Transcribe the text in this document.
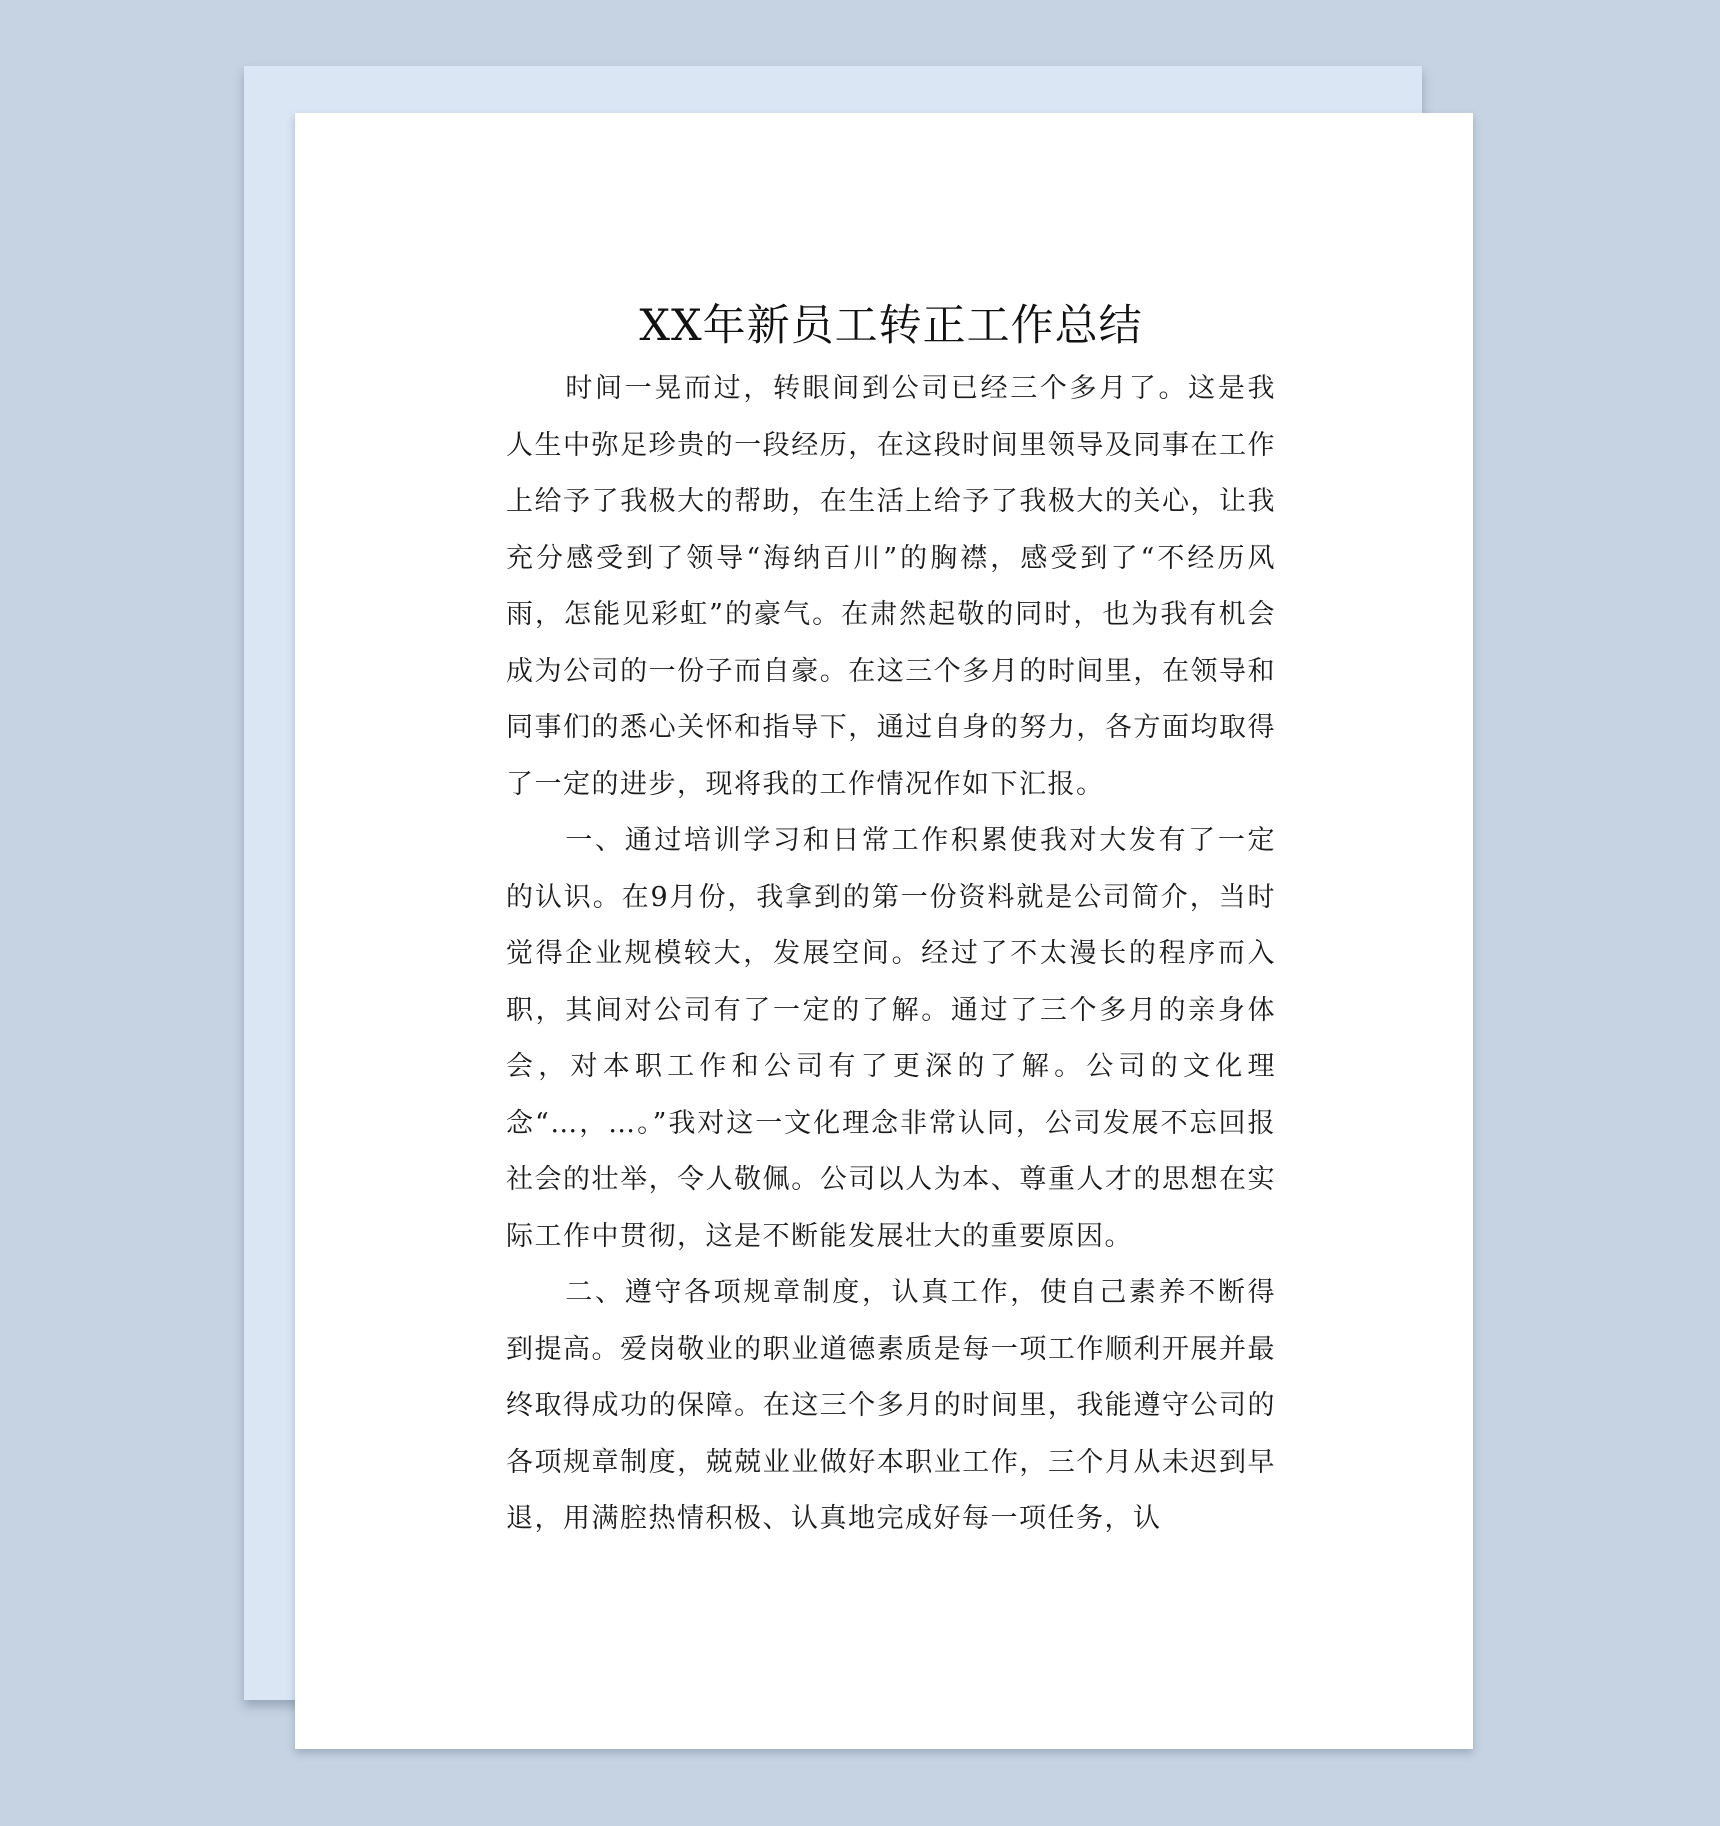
XX年新员工转正工作总结

时间一晃而过，转眼间到公司已经三个多月了。这是我人生中弥足珍贵的一段经历，在这段时间里领导及同事在工作上给予了我极大的帮助，在生活上给予了我极大的关心，让我充分感受到了领导“海纳百川”的胸襟，感受到了“不经历风雨，怎能见彩虹”的豪气。在肃然起敬的同时，也为我有机会成为公司的一份子而自豪。在这三个多月的时间里，在领导和同事们的悉心关怀和指导下，通过自身的努力，各方面均取得了一定的进步，现将我的工作情况作如下汇报。

一、通过培训学习和日常工作积累使我对大发有了一定的认识。在9月份，我拿到的第一份资料就是公司简介，当时觉得企业规模较大，发展空间。经过了不太漫长的程序而入职，其间对公司有了一定的了解。通过了三个多月的亲身体会，对本职工作和公司有了更深的了解。公司的文化理念“…，…。”我对这一文化理念非常认同，公司发展不忘回报社会的壮举，令人敬佩。公司以人为本、尊重人才的思想在实际工作中贯彻，这是不断能发展壮大的重要原因。

二、遵守各项规章制度，认真工作，使自己素养不断得到提高。爱岗敬业的职业道德素质是每一项工作顺利开展并最终取得成功的保障。在这三个多月的时间里，我能遵守公司的各项规章制度，兢兢业业做好本职业工作，三个月从未迟到早退，用满腔热情积极、认真地完成好每一项任务，认
